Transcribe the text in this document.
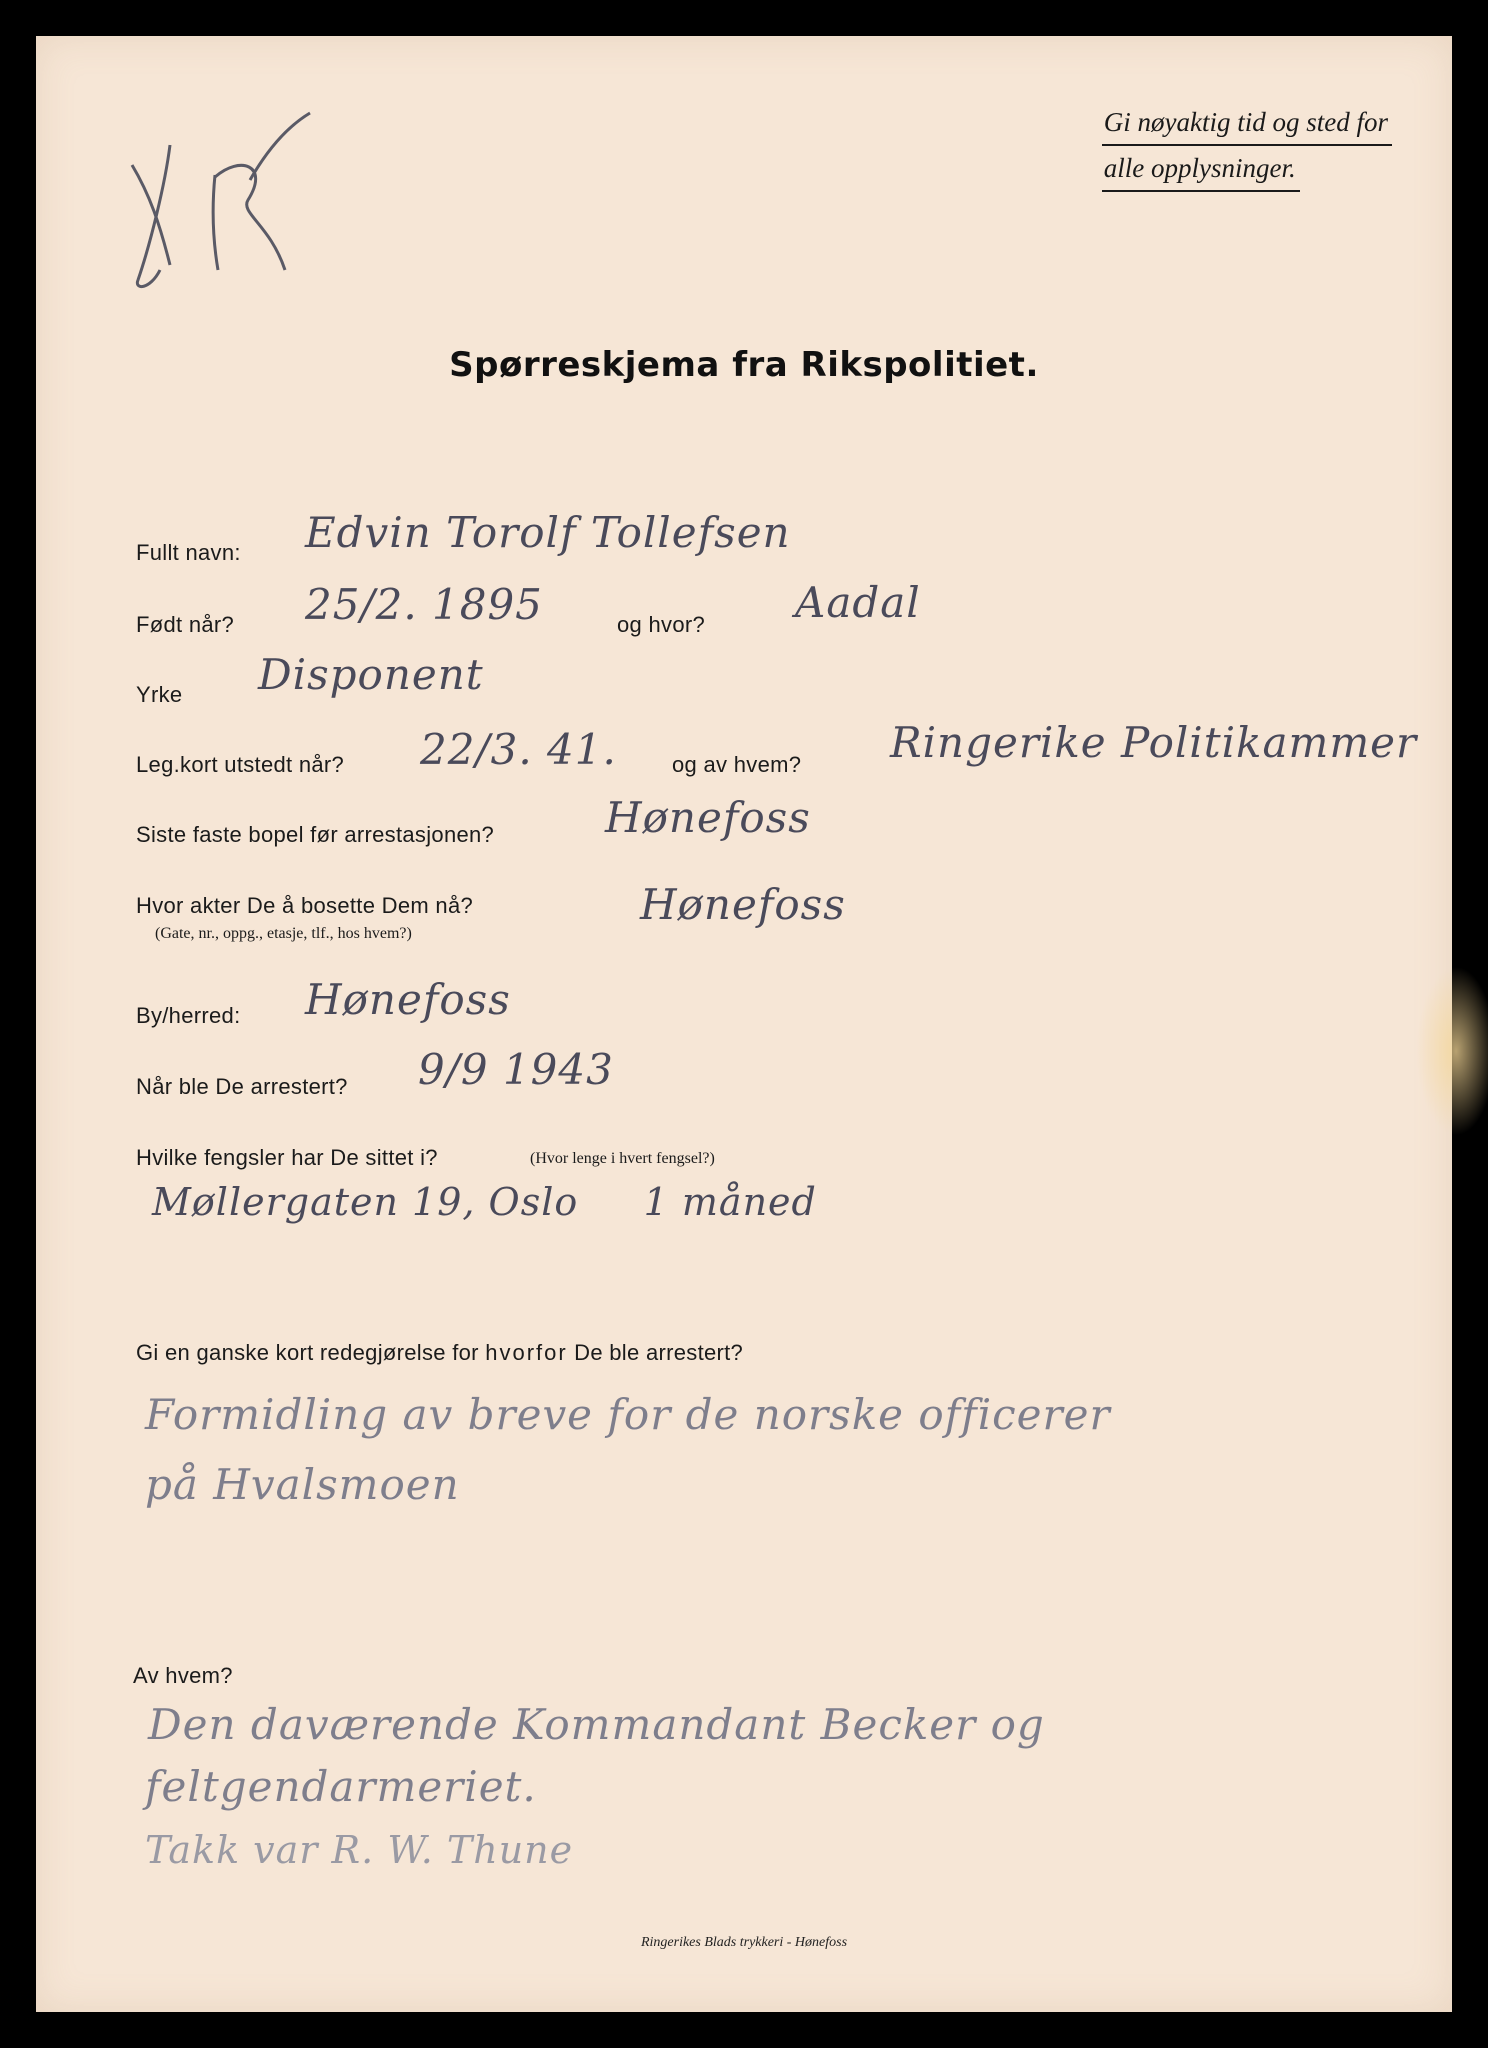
Gi nøyaktig tid og sted for
alle opplysninger.
Spørreskjema fra Rikspolitiet.
Fullt navn: Edvin Torolf Tollefsen
Født når? 25/2. 1895	og hvor? Aadal
Yrke Disponent
Leg.kort utstedt når? 22/3. 41.	og av hvem? Ringerike Politikammer
Siste faste bopel før arrestasjonen?	Hønefoss
Hvor akter De å bosette Dem nå?
(Gate, nr., oppg., etasje, tlf., hos hvem?)
Hønefoss
By/herred: Hønefoss
Når ble De arrestert? 9/9 1943
Hvilke fengsler har De sittet i?	(Hvor lenge i hvert fengsel?)
Møllergaten 19, Oslo     1 måned
Gi en ganske kort redegjørelse for hvorfor De ble arrestert?
Formidling av breve for de norske officerer
på Hvalsmoen
Av hvem?
Den daværende Kommandant Becker og
feltgendarmeriet.
Takk var R. W. Thune
Ringerikes Blads trykkeri - Hønefoss
